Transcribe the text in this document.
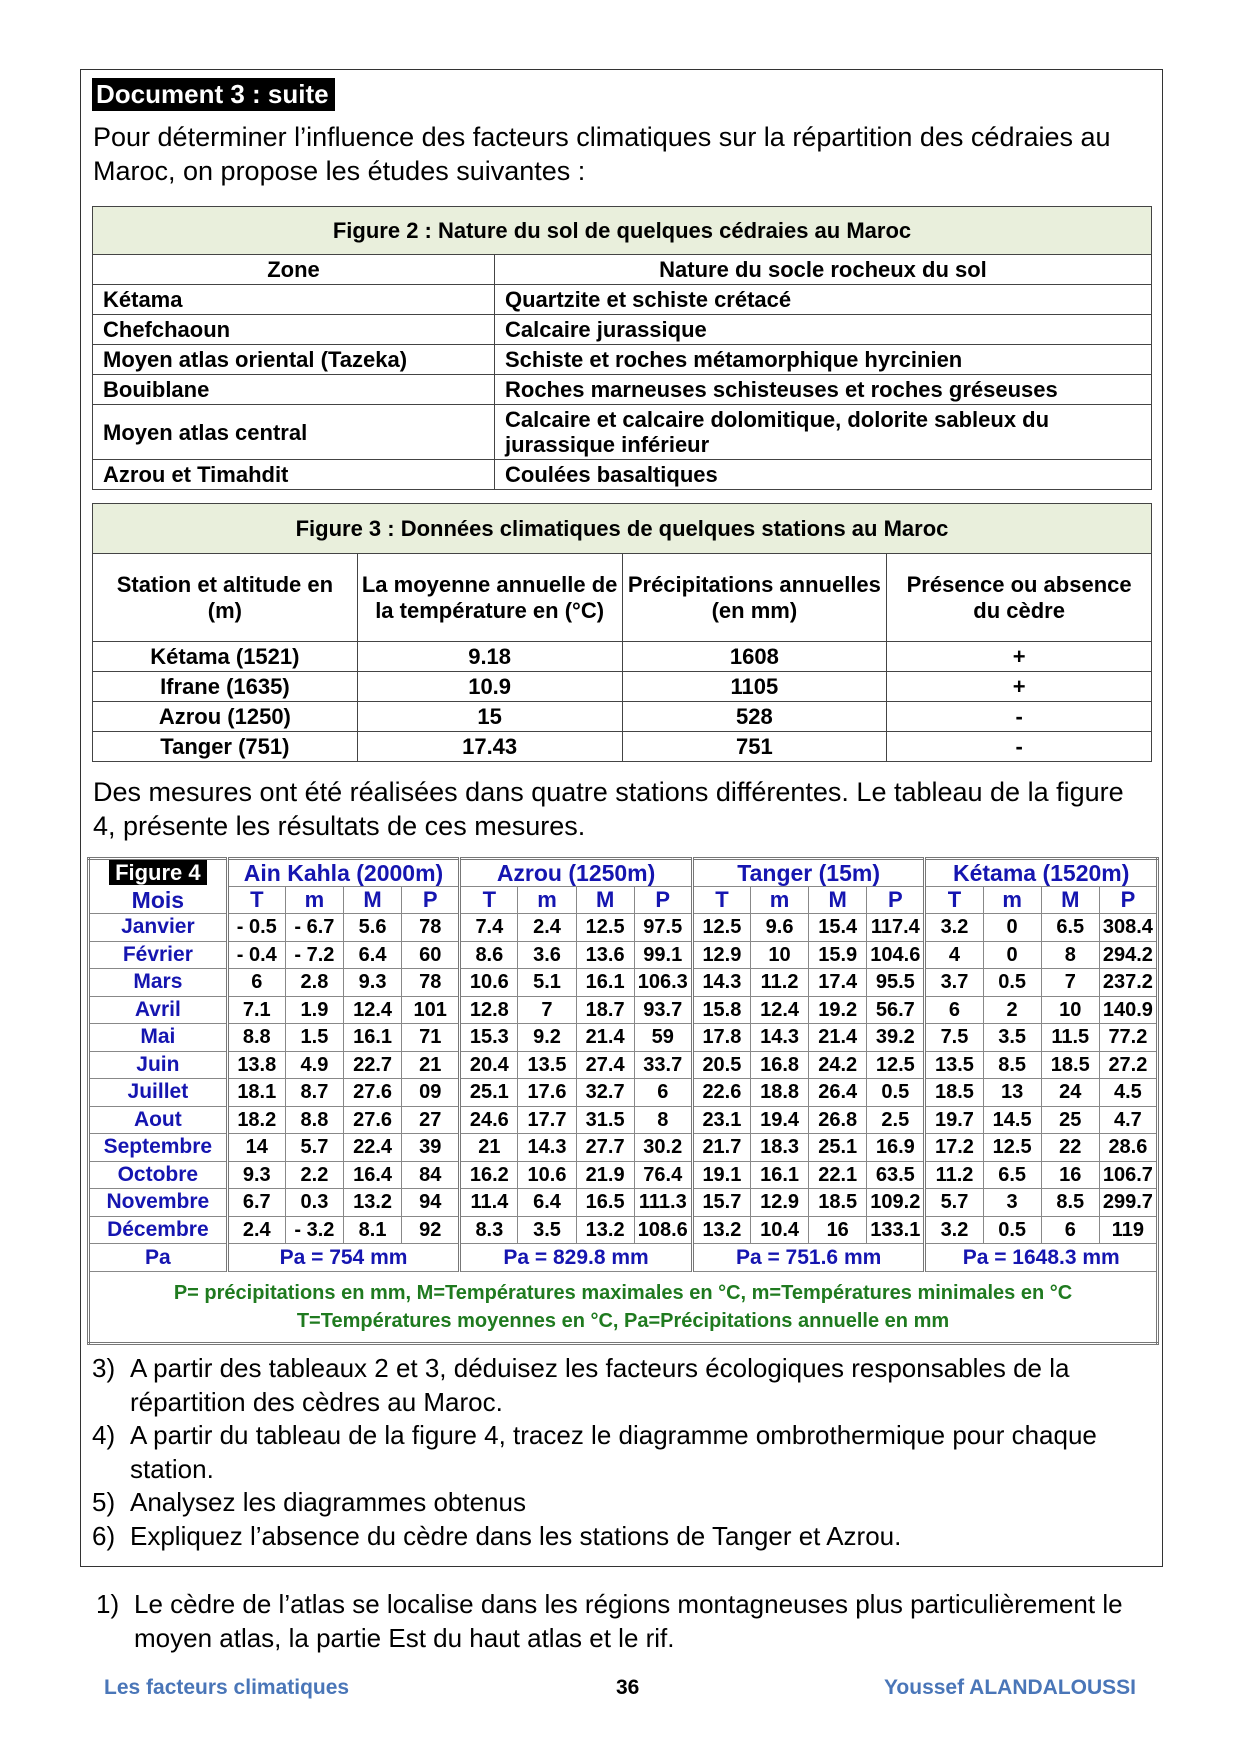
Document 3 : suite
Pour déterminer l’influence des facteurs climatiques sur la répartition des cédraies au Maroc, on propose les études suivantes :
Figure 2 : Nature du sol de quelques cédraies au Maroc	
Zone	Nature du socle rocheux du sol
Kétama	Quartzite et schiste crétacé
Chefchaoun	Calcaire jurassique
Moyen atlas oriental (Tazeka)	Schiste et roches métamorphique hyrcinien
Bouiblane	Roches marneuses schisteuses et roches gréseuses
Moyen atlas central	Calcaire et calcaire dolomitique, dolorite sableux du jurassique inférieur
Azrou et Timahdit	Coulées basaltiques
Figure 3 : Données climatiques de quelques stations au Maroc			
Station et altitude en (m)	La moyenne annuelle de la température en (°C)	Précipitations annuelles (en mm)	Présence ou absence du cèdre
Kétama (1521)	9.18	1608	+
Ifrane (1635)	10.9	1105	+
Azrou (1250)	15	528	-
Tanger (751)	17.43	751	-
Des mesures ont été réalisées dans quatre stations différentes. Le tableau de la figure 4, présente les résultats de ces mesures.
Figure 4	Ain Kahla (2000m)				Azrou (1250m)				Tanger (15m)				Kétama (1520m)			
Mois	T	m	M	P	T	m	M	P	T	m	M	P	T	m	M	P
Janvier	- 0.5	- 6.7	5.6	78	7.4	2.4	12.5	97.5	12.5	9.6	15.4	117.4	3.2	0	6.5	308.4
Février	- 0.4	- 7.2	6.4	60	8.6	3.6	13.6	99.1	12.9	10	15.9	104.6	4	0	8	294.2
Mars	6	2.8	9.3	78	10.6	5.1	16.1	106.3	14.3	11.2	17.4	95.5	3.7	0.5	7	237.2
Avril	7.1	1.9	12.4	101	12.8	7	18.7	93.7	15.8	12.4	19.2	56.7	6	2	10	140.9
Mai	8.8	1.5	16.1	71	15.3	9.2	21.4	59	17.8	14.3	21.4	39.2	7.5	3.5	11.5	77.2
Juin	13.8	4.9	22.7	21	20.4	13.5	27.4	33.7	20.5	16.8	24.2	12.5	13.5	8.5	18.5	27.2
Juillet	18.1	8.7	27.6	09	25.1	17.6	32.7	6	22.6	18.8	26.4	0.5	18.5	13	24	4.5
Aout	18.2	8.8	27.6	27	24.6	17.7	31.5	8	23.1	19.4	26.8	2.5	19.7	14.5	25	4.7
Septembre	14	5.7	22.4	39	21	14.3	27.7	30.2	21.7	18.3	25.1	16.9	17.2	12.5	22	28.6
Octobre	9.3	2.2	16.4	84	16.2	10.6	21.9	76.4	19.1	16.1	22.1	63.5	11.2	6.5	16	106.7
Novembre	6.7	0.3	13.2	94	11.4	6.4	16.5	111.3	15.7	12.9	18.5	109.2	5.7	3	8.5	299.7
Décembre	2.4	- 3.2	8.1	92	8.3	3.5	13.2	108.6	13.2	10.4	16	133.1	3.2	0.5	6	119
Pa	Pa = 754 mm				Pa = 829.8 mm				Pa = 751.6 mm				Pa = 1648.3 mm			

P= précipitations en mm, M=Températures maximales en °C, m=Températures minimales en °C
T=Températures moyennes en °C, Pa=Précipitations annuelle en mm																
3) A partir des tableaux 2 et 3, déduisez les facteurs écologiques responsables de la répartition des cèdres au Maroc.
4) A partir du tableau de la figure 4, tracez le diagramme ombrothermique pour chaque station.
5) Analysez les diagrammes obtenus
6) Expliquez l’absence du cèdre dans les stations de Tanger et Azrou.
1) Le cèdre de l’atlas se localise dans les régions montagneuses plus particulièrement le moyen atlas, la partie Est du haut atlas et le rif.
Les facteurs climatiques	36	Youssef ALANDALOUSSI
